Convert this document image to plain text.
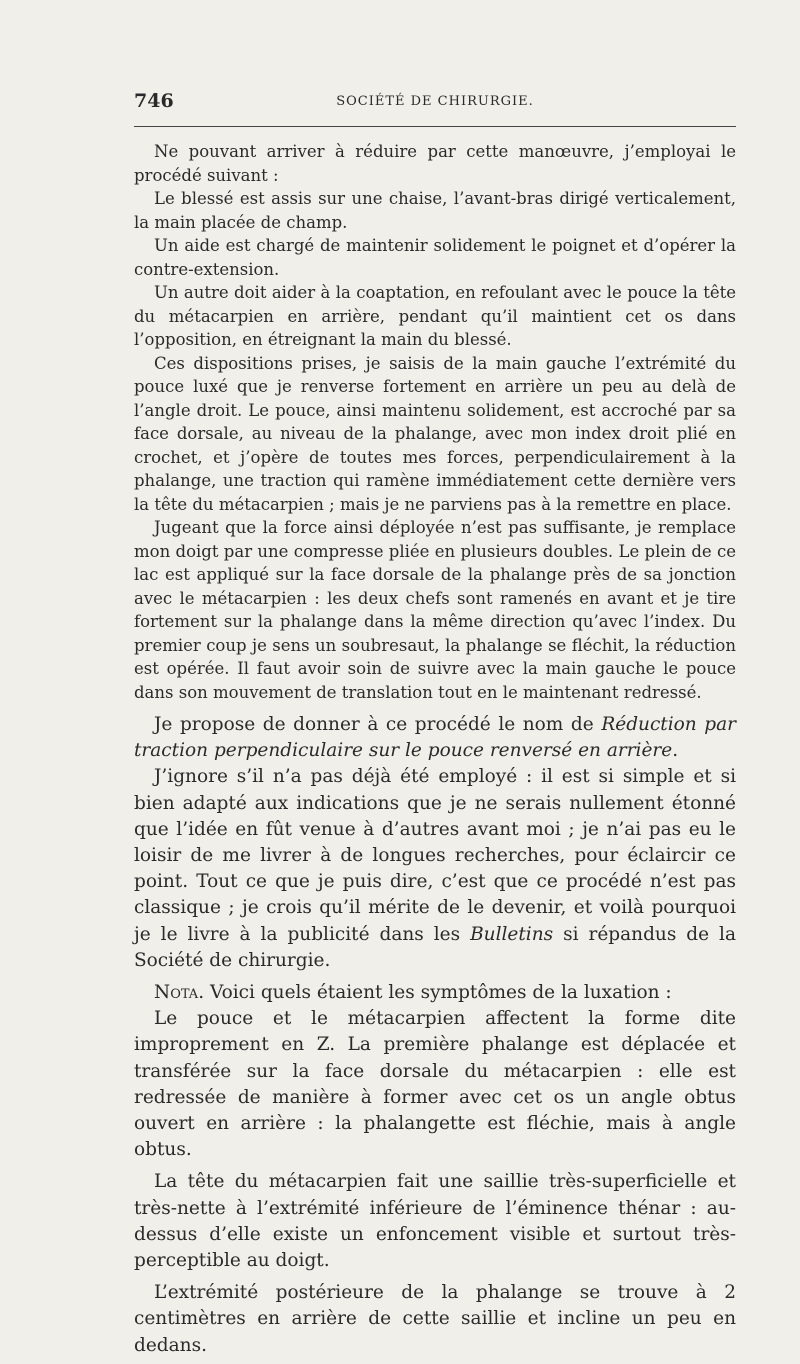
746	SOCIÉTÉ DE CHIRURGIE.

Ne pouvant arriver à réduire par cette manœuvre, j’employai le procédé suivant :

Le blessé est assis sur une chaise, l’avant-bras dirigé verticalement, la main placée de champ.

Un aide est chargé de maintenir solidement le poignet et d’opérer la contre-extension.

Un autre doit aider à la coaptation, en refoulant avec le pouce la tête du métacarpien en arrière, pendant qu’il maintient cet os dans l’opposition, en étreignant la main du blessé.

Ces dispositions prises, je saisis de la main gauche l’extrémité du pouce luxé que je renverse fortement en arrière un peu au delà de l’angle droit. Le pouce, ainsi maintenu solidement, est accroché par sa face dorsale, au niveau de la phalange, avec mon index droit plié en crochet, et j’opère de toutes mes forces, perpendiculairement à la phalange, une traction qui ramène immédiatement cette dernière vers la tête du métacarpien ; mais je ne parviens pas à la remettre en place.

Jugeant que la force ainsi déployée n’est pas suffisante, je remplace mon doigt par une compresse pliée en plusieurs doubles. Le plein de ce lac est appliqué sur la face dorsale de la phalange près de sa jonction avec le métacarpien : les deux chefs sont ramenés en avant et je tire fortement sur la phalange dans la même direction qu’avec l’index. Du premier coup je sens un soubresaut, la phalange se fléchit, la réduction est opérée. Il faut avoir soin de suivre avec la main gauche le pouce dans son mouvement de translation tout en le maintenant redressé.

Je propose de donner à ce procédé le nom de Réduction par traction perpendiculaire sur le pouce renversé en arrière.

J’ignore s’il n’a pas déjà été employé : il est si simple et si bien adapté aux indications que je ne serais nullement étonné que l’idée en fût venue à d’autres avant moi ; je n’ai pas eu le loisir de me livrer à de longues recherches, pour éclaircir ce point. Tout ce que je puis dire, c’est que ce procédé n’est pas classique ; je crois qu’il mérite de le devenir, et voilà pourquoi je le livre à la publicité dans les Bulletins si répandus de la Société de chirurgie.

Nota. Voici quels étaient les symptômes de la luxation :

Le pouce et le métacarpien affectent la forme dite improprement en Z. La première phalange est déplacée et transférée sur la face dorsale du métacarpien : elle est redressée de manière à former avec cet os un angle obtus ouvert en arrière : la phalangette est fléchie, mais à angle obtus.

La tête du métacarpien fait une saillie très-superficielle et très-nette à l’extrémité inférieure de l’éminence thénar : au-dessus d’elle existe un enfoncement visible et surtout très-perceptible au doigt.

L’extrémité postérieure de la phalange se trouve à 2 centimètres en arrière de cette saillie et incline un peu en dedans.
